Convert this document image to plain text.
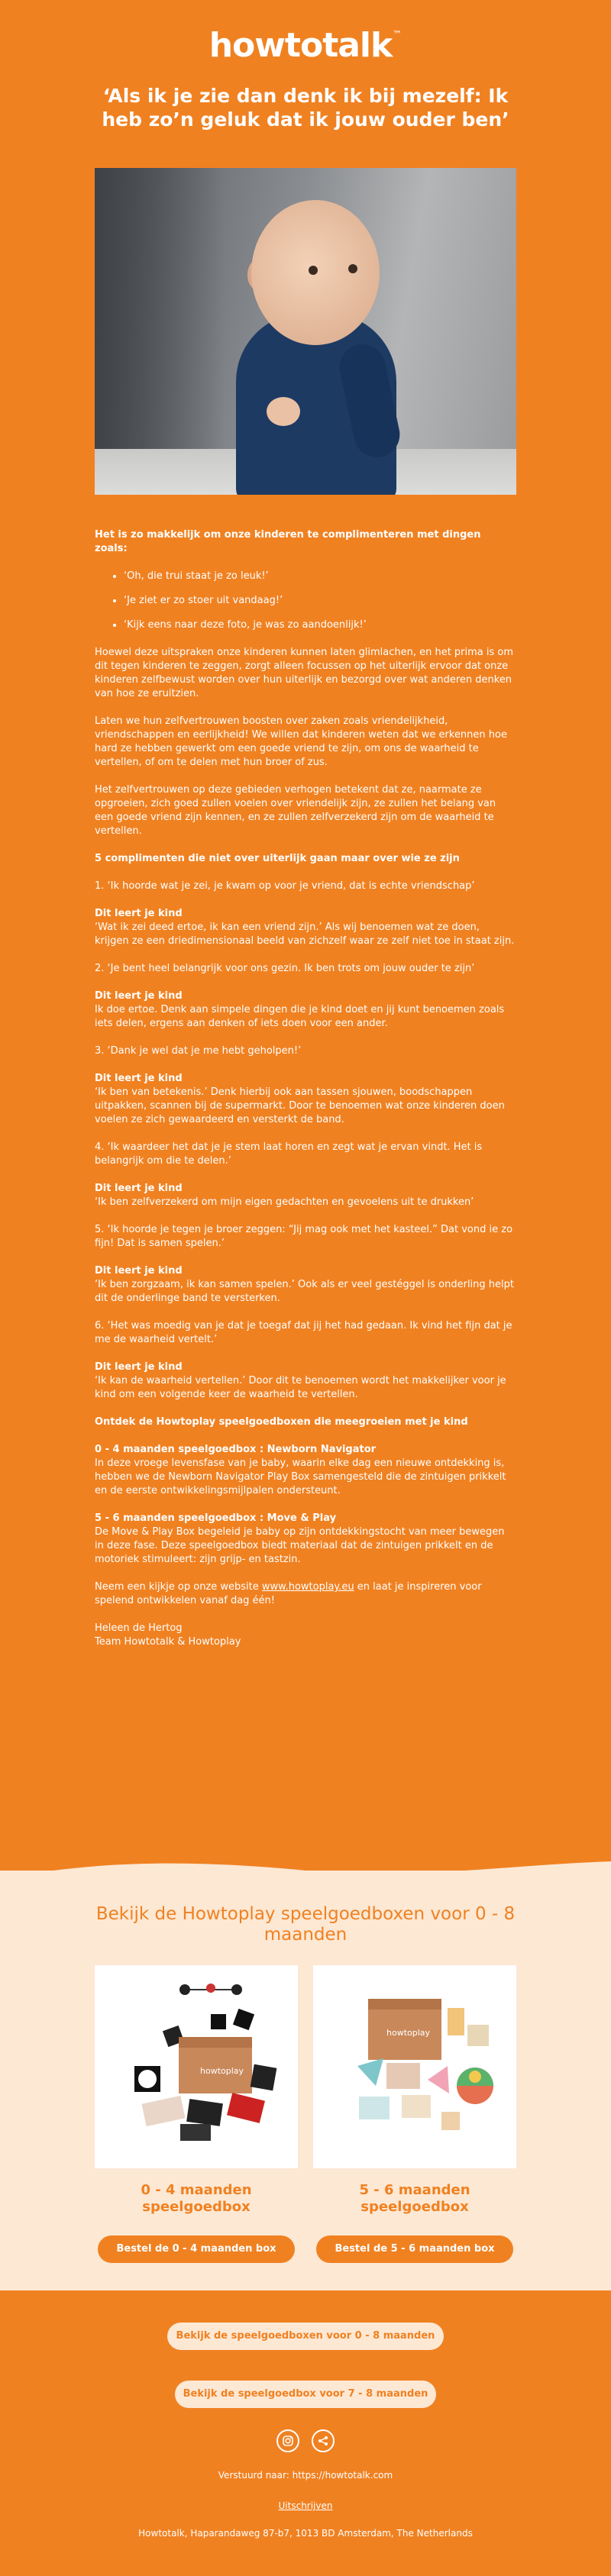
howtotalk™
‘Als ik je zie dan denk ik bij mezelf: Ik heb zo’n geluk dat ik jouw ouder ben’

Het is zo makkelijk om onze kinderen te complimenteren met dingen zoals:

• ‘Oh, die trui staat je zo leuk!’
• ‘Je ziet er zo stoer uit vandaag!’
• ‘Kijk eens naar deze foto, je was zo aandoenlijk!’

Hoewel deze uitspraken onze kinderen kunnen laten glimlachen, en het prima is om dit tegen kinderen te zeggen, zorgt alleen focussen op het uiterlijk ervoor dat onze kinderen zelfbewust worden over hun uiterlijk en bezorgd over wat anderen denken van hoe ze eruitzien.

Laten we hun zelfvertrouwen boosten over zaken zoals vriendelijkheid, vriendschappen en eerlijkheid! We willen dat kinderen weten dat we erkennen hoe hard ze hebben gewerkt om een goede vriend te zijn, om ons de waarheid te vertellen, of om te delen met hun broer of zus.

Het zelfvertrouwen op deze gebieden verhogen betekent dat ze, naarmate ze opgroeien, zich goed zullen voelen over vriendelijk zijn, ze zullen het belang van een goede vriend zijn kennen, en ze zullen zelfverzekerd zijn om de waarheid te vertellen.

5 complimenten die niet over uiterlijk gaan maar over wie ze zijn

1. ‘Ik hoorde wat je zei, je kwam op voor je vriend, dat is echte vriendschap’

Dit leert je kind
‘Wat ik zei deed ertoe, ik kan een vriend zijn.’ Als wij benoemen wat ze doen, krijgen ze een driedimensionaal beeld van zichzelf waar ze zelf niet toe in staat zijn.

2. ‘Je bent heel belangrijk voor ons gezin. Ik ben trots om jouw ouder te zijn’

Dit leert je kind
Ik doe ertoe. Denk aan simpele dingen die je kind doet en jij kunt benoemen zoals iets delen, ergens aan denken of iets doen voor een ander.

3. ‘Dank je wel dat je me hebt geholpen!’

Dit leert je kind
‘Ik ben van betekenis.’ Denk hierbij ook aan tassen sjouwen, boodschappen uitpakken, scannen bij de supermarkt. Door te benoemen wat onze kinderen doen voelen ze zich gewaardeerd en versterkt de band.

4. ‘Ik waardeer het dat je je stem laat horen en zegt wat je ervan vindt. Het is belangrijk om die te delen.’

Dit leert je kind
‘Ik ben zelfverzekerd om mijn eigen gedachten en gevoelens uit te drukken’

5. ‘Ik hoorde je tegen je broer zeggen: “Jij mag ook met het kasteel.” Dat vond ie zo fijn! Dat is samen spelen.’

Dit leert je kind
‘Ik ben zorgzaam, ik kan samen spelen.’ Ook als er veel gestéggel is onderling helpt dit de onderlinge band te versterken.

6. ‘Het was moedig van je dat je toegaf dat jij het had gedaan. Ik vind het fijn dat je me de waarheid vertelt.’

Dit leert je kind
‘Ik kan de waarheid vertellen.’ Door dit te benoemen wordt het makkelijker voor je kind om een volgende keer de waarheid te vertellen.

Ontdek de Howtoplay speelgoedboxen die meegroeien met je kind

0 - 4 maanden speelgoedbox : Newborn Navigator
In deze vroege levensfase van je baby, waarin elke dag een nieuwe ontdekking is, hebben we de Newborn Navigator Play Box samengesteld die de zintuigen prikkelt en de eerste ontwikkelingsmijlpalen ondersteunt.
5 - 6 maanden speelgoedbox : Move & Play
De Move & Play Box begeleid je baby op zijn ontdekkingstocht van meer bewegen in deze fase. Deze speelgoedbox biedt materiaal dat de zintuigen prikkelt en de motoriek stimuleert: zijn grijp- en tastzin.

Neem een kijkje op onze website www.howtoplay.eu en laat je inspireren voor spelend ontwikkelen vanaf dag één!

Heleen de Hertog
Team Howtotalk & Howtoplay

Bekijk de Howtoplay speelgoedboxen voor 0 - 8 maanden
howtoplay
0 - 4 maanden speelgoedbox
Bestel de 0 - 4 maanden box
howtoplay
5 - 6 maanden speelgoedbox
Bestel de 5 - 6 maanden box
Bekijk de speelgoedboxen voor 0 - 8 maanden
Bekijk de speelgoedbox voor 7 - 8 maanden
Verstuurd naar: https://howtotalk.com
Uitschrijven
Howtotalk, Haparandaweg 87-b7, 1013 BD Amsterdam, The Netherlands
